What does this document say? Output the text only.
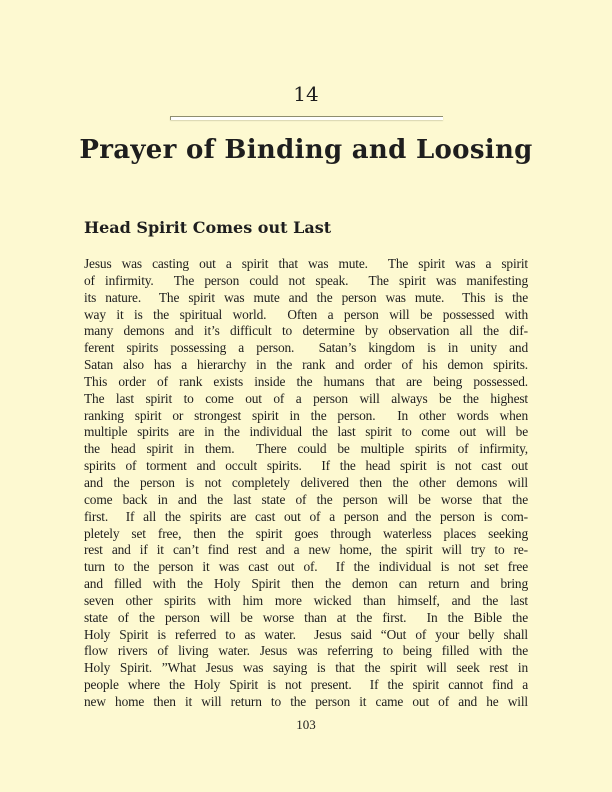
14
Prayer of Binding and Loosing
Head Spirit Comes out Last
Jesus was casting out a spirit that was mute.  The spirit was a spirit
of infirmity.  The person could not speak.  The spirit was manifesting
its nature.  The spirit was mute and the person was mute.  This is the
way it is the spiritual world.  Often a person will be possessed with
many demons and it’s difficult to determine by observation all the dif-
ferent spirits possessing a person.  Satan’s kingdom is in unity and
Satan also has a hierarchy in the rank and order of his demon spirits.
This order of rank exists inside the humans that are being possessed.
The last spirit to come out of a person will always be the highest
ranking spirit or strongest spirit in the person.  In other words when
multiple spirits are in the individual the last spirit to come out will be
the head spirit in them.  There could be multiple spirits of infirmity,
spirits of torment and occult spirits.  If the head spirit is not cast out
and the person is not completely delivered then the other demons will
come back in and the last state of the person will be worse that the
first.  If all the spirits are cast out of a person and the person is com-
pletely set free, then the spirit goes through waterless places seeking
rest and if it can’t find rest and a new home, the spirit will try to re-
turn to the person it was cast out of.  If the individual is not set free
and filled with the Holy Spirit then the demon can return and bring
seven other spirits with him more wicked than himself, and the last
state of the person will be worse than at the first.  In the Bible the
Holy Spirit is referred to as water.  Jesus said “Out of your belly shall
flow rivers of living water. Jesus was referring to being filled with the
Holy Spirit. ”What Jesus was saying is that the spirit will seek rest in
people where the Holy Spirit is not present.  If the spirit cannot find a
new home then it will return to the person it came out of and he will
103
